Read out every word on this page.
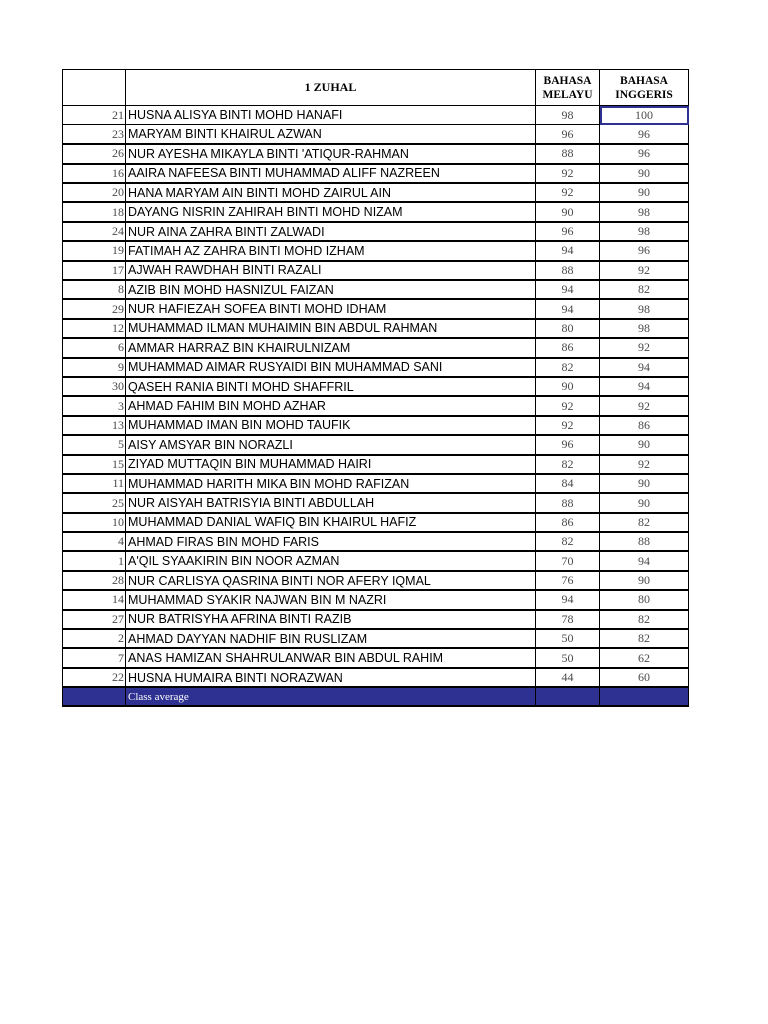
	1 ZUHAL	BAHASA MELAYU	BAHASA INGGERIS
21	HUSNA ALISYA BINTI MOHD HANAFI	98	100
23	MARYAM BINTI KHAIRUL AZWAN	96	96
26	NUR AYESHA MIKAYLA BINTI 'ATIQUR-RAHMAN	88	96
16	AAIRA NAFEESA BINTI MUHAMMAD ALIFF NAZREEN	92	90
20	HANA MARYAM AIN BINTI MOHD ZAIRUL AIN	92	90
18	DAYANG NISRIN ZAHIRAH BINTI MOHD NIZAM	90	98
24	NUR AINA ZAHRA BINTI ZALWADI	96	98
19	FATIMAH AZ ZAHRA BINTI MOHD IZHAM	94	96
17	AJWAH RAWDHAH BINTI RAZALI	88	92
8	AZIB BIN MOHD HASNIZUL FAIZAN	94	82
29	NUR HAFIEZAH SOFEA BINTI MOHD IDHAM	94	98
12	MUHAMMAD ILMAN MUHAIMIN BIN ABDUL RAHMAN	80	98
6	AMMAR HARRAZ BIN KHAIRULNIZAM	86	92
9	MUHAMMAD AIMAR RUSYAIDI BIN MUHAMMAD SANI	82	94
30	QASEH RANIA BINTI MOHD SHAFFRIL	90	94
3	AHMAD FAHIM BIN MOHD AZHAR	92	92
13	MUHAMMAD IMAN BIN MOHD TAUFIK	92	86
5	AISY AMSYAR BIN NORAZLI	96	90
15	ZIYAD MUTTAQIN BIN MUHAMMAD HAIRI	82	92
11	MUHAMMAD HARITH MIKA BIN MOHD RAFIZAN	84	90
25	NUR AISYAH BATRISYIA BINTI ABDULLAH	88	90
10	MUHAMMAD DANIAL WAFIQ BIN KHAIRUL HAFIZ	86	82
4	AHMAD FIRAS BIN MOHD FARIS	82	88
1	A'QIL SYAAKIRIN BIN NOOR AZMAN	70	94
28	NUR CARLISYA QASRINA BINTI NOR AFERY IQMAL	76	90
14	MUHAMMAD SYAKIR NAJWAN BIN M NAZRI	94	80
27	NUR BATRISYHA AFRINA BINTI RAZIB	78	82
2	AHMAD DAYYAN NADHIF BIN RUSLIZAM	50	82
7	ANAS HAMIZAN SHAHRULANWAR BIN ABDUL RAHIM	50	62
22	HUSNA HUMAIRA BINTI NORAZWAN	44	60
	Class average		
